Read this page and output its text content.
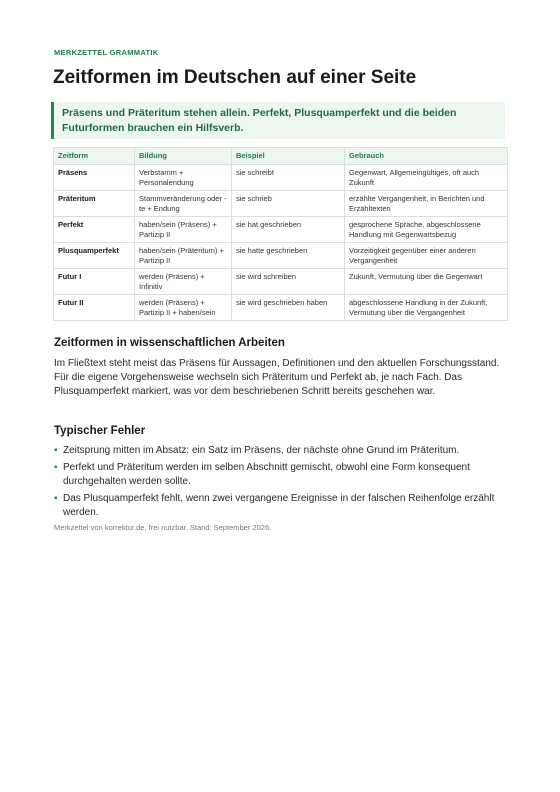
MERKZETTEL GRAMMATIK
Zeitformen im Deutschen auf einer Seite
Präsens und Präteritum stehen allein. Perfekt, Plusquamperfekt und die beiden Futurformen brauchen ein Hilfsverb.
Zeitform	Bildung	Beispiel	Gebrauch
Präsens	Verbstamm + Personalendung	sie schreibt	Gegenwart, Allgemeingültiges, oft auch Zukunft
Präteritum	Stammveränderung oder -te + Endung	sie schrieb	erzählte Vergangenheit, in Berichten und Erzähltexten
Perfekt	haben/sein (Präsens) + Partizip II	sie hat geschrieben	gesprochene Sprache, abgeschlossene Handlung mit Gegenwartsbezug
Plusquamperfekt	haben/sein (Präteritum) + Partizip II	sie hatte geschrieben	Vorzeitigkeit gegenüber einer anderen Vergangenheit
Futur I	werden (Präsens) + Infinitiv	sie wird schreiben	Zukunft, Vermutung über die Gegenwart
Futur II	werden (Präsens) + Partizip II + haben/sein	sie wird geschrieben haben	abgeschlossene Handlung in der Zukunft, Vermutung über die Vergangenheit
Zeitformen in wissenschaftlichen Arbeiten

Im Fließtext steht meist das Präsens für Aussagen, Definitionen und den aktuellen Forschungsstand. Für die eigene Vorgehensweise wechseln sich Präteritum und Perfekt ab, je nach Fach. Das Plusquamperfekt markiert, was vor dem beschriebenen Schritt bereits geschehen war.

Typischer Fehler
▪ Zeitsprung mitten im Absatz: ein Satz im Präsens, der nächste ohne Grund im Präteritum.
▪ Perfekt und Präteritum werden im selben Abschnitt gemischt, obwohl eine Form konsequent durchgehalten werden sollte.
▪ Das Plusquamperfekt fehlt, wenn zwei vergangene Ereignisse in der falschen Reihenfolge erzählt werden.
Merkzettel von korrektur.de, frei nutzbar. Stand: September 2026.
